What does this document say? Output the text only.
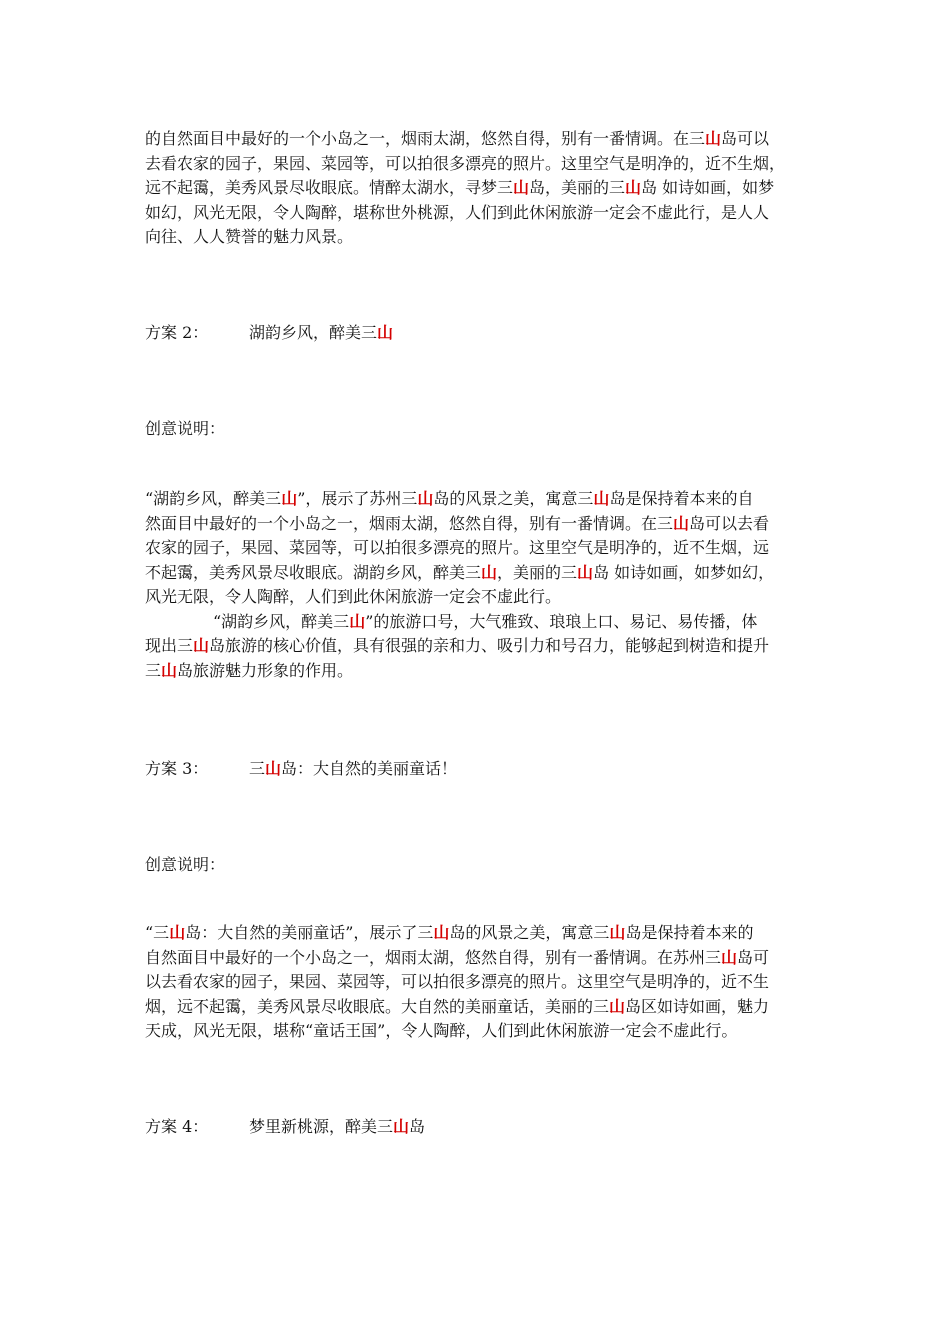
的自然面目中最好的一个小岛之一，烟雨太湖，悠然自得，别有一番情调。在三山岛可以
去看农家的园子，果园、菜园等，可以拍很多漂亮的照片。这里空气是明净的，近不生烟，
远不起霭，美秀风景尽收眼底。情醉太湖水，寻梦三山岛，美丽的三山岛 如诗如画，如梦
如幻，风光无限，令人陶醉，堪称世外桃源，人们到此休闲旅游一定会不虚此行，是人人
向往、人人赞誉的魅力风景。

方案 2：	湖韵乡风，醉美三山
创意说明：

“湖韵乡风，醉美三山”，展示了苏州三山岛的风景之美，寓意三山岛是保持着本来的自
然面目中最好的一个小岛之一，烟雨太湖，悠然自得，别有一番情调。在三山岛可以去看
农家的园子，果园、菜园等，可以拍很多漂亮的照片。这里空气是明净的，近不生烟，远
不起霭，美秀风景尽收眼底。湖韵乡风，醉美三山，美丽的三山岛 如诗如画，如梦如幻，
风光无限，令人陶醉，人们到此休闲旅游一定会不虚此行。
“湖韵乡风，醉美三山”的旅游口号，大气雅致、琅琅上口、易记、易传播，体
现出三山岛旅游的核心价值，具有很强的亲和力、吸引力和号召力，能够起到树造和提升
三山岛旅游魅力形象的作用。

方案 3：	三山岛：大自然的美丽童话！
创意说明：

“三山岛：大自然的美丽童话”，展示了三山岛的风景之美，寓意三山岛是保持着本来的
自然面目中最好的一个小岛之一，烟雨太湖，悠然自得，别有一番情调。在苏州三山岛可
以去看农家的园子，果园、菜园等，可以拍很多漂亮的照片。这里空气是明净的，近不生
烟，远不起霭，美秀风景尽收眼底。大自然的美丽童话，美丽的三山岛区如诗如画，魅力
天成，风光无限，堪称“童话王国”，令人陶醉，人们到此休闲旅游一定会不虚此行。

方案 4：	梦里新桃源，醉美三山岛
